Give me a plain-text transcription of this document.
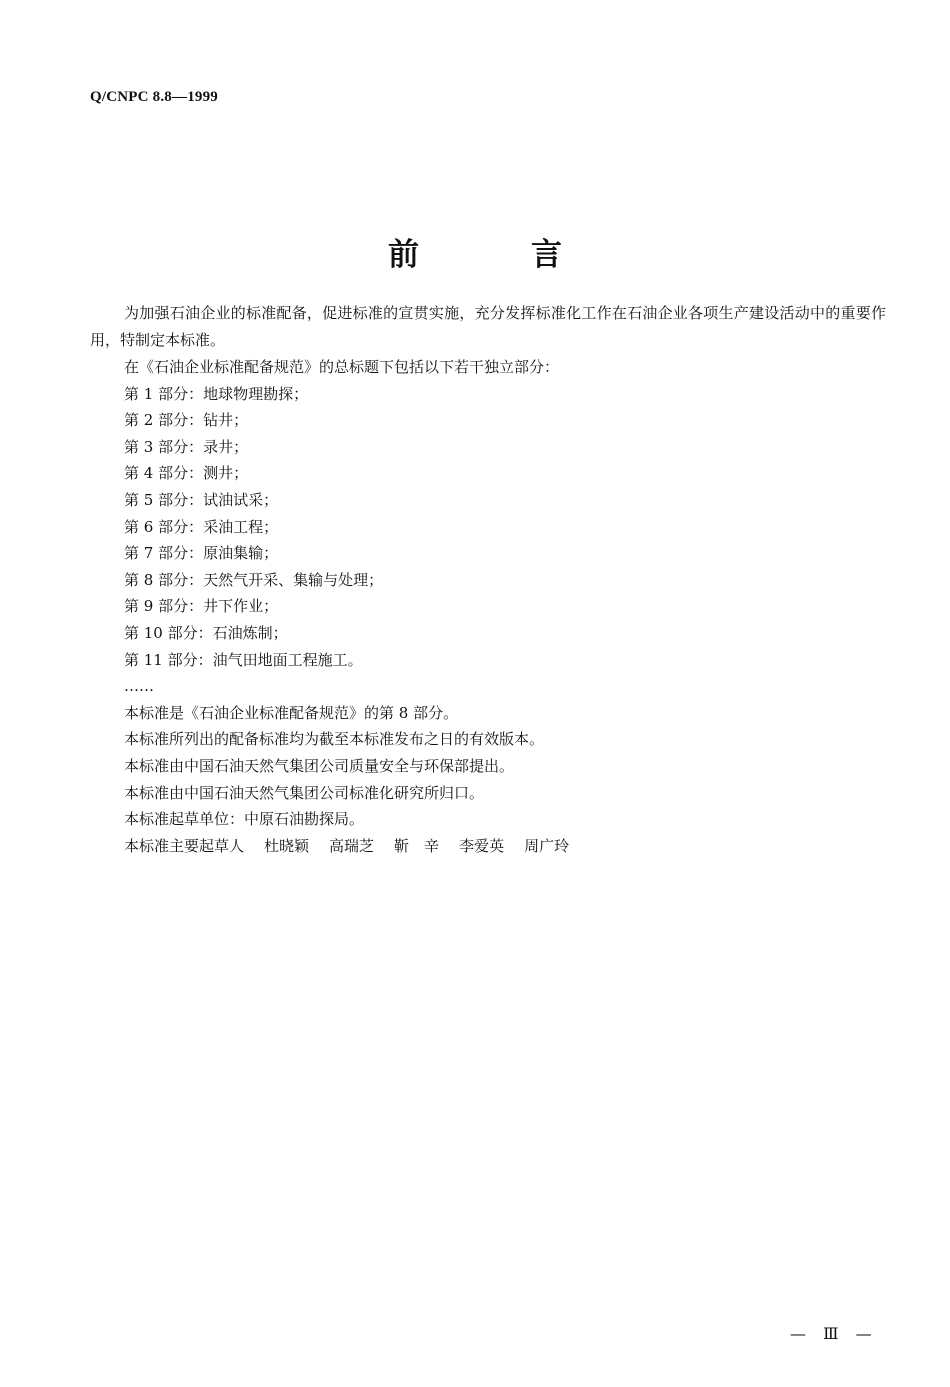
Q/CNPC 8.8—1999
前	言

为加强石油企业的标准配备，促进标准的宣贯实施，充分发挥标准化工作在石油企业各项生产建设活动中的重要作用，特制定本标准。

在《石油企业标准配备规范》的总标题下包括以下若干独立部分：

第 1 部分：地球物理勘探；

第 2 部分：钻井；

第 3 部分：录井；

第 4 部分：测井；

第 5 部分：试油试采；

第 6 部分：采油工程；

第 7 部分：原油集输；

第 8 部分：天然气开采、集输与处理；

第 9 部分：井下作业；

第 10 部分：石油炼制；

第 11 部分：油气田地面工程施工。

……

本标准是《石油企业标准配备规范》的第 8 部分。

本标准所列出的配备标准均为截至本标准发布之日的有效版本。

本标准由中国石油天然气集团公司质量安全与环保部提出。

本标准由中国石油天然气集团公司标准化研究所归口。

本标准起草单位：中原石油勘探局。

本标准主要起草人 杜晓颖 高瑞芝 靳　辛 李爱英 周广玲

— Ⅲ —
